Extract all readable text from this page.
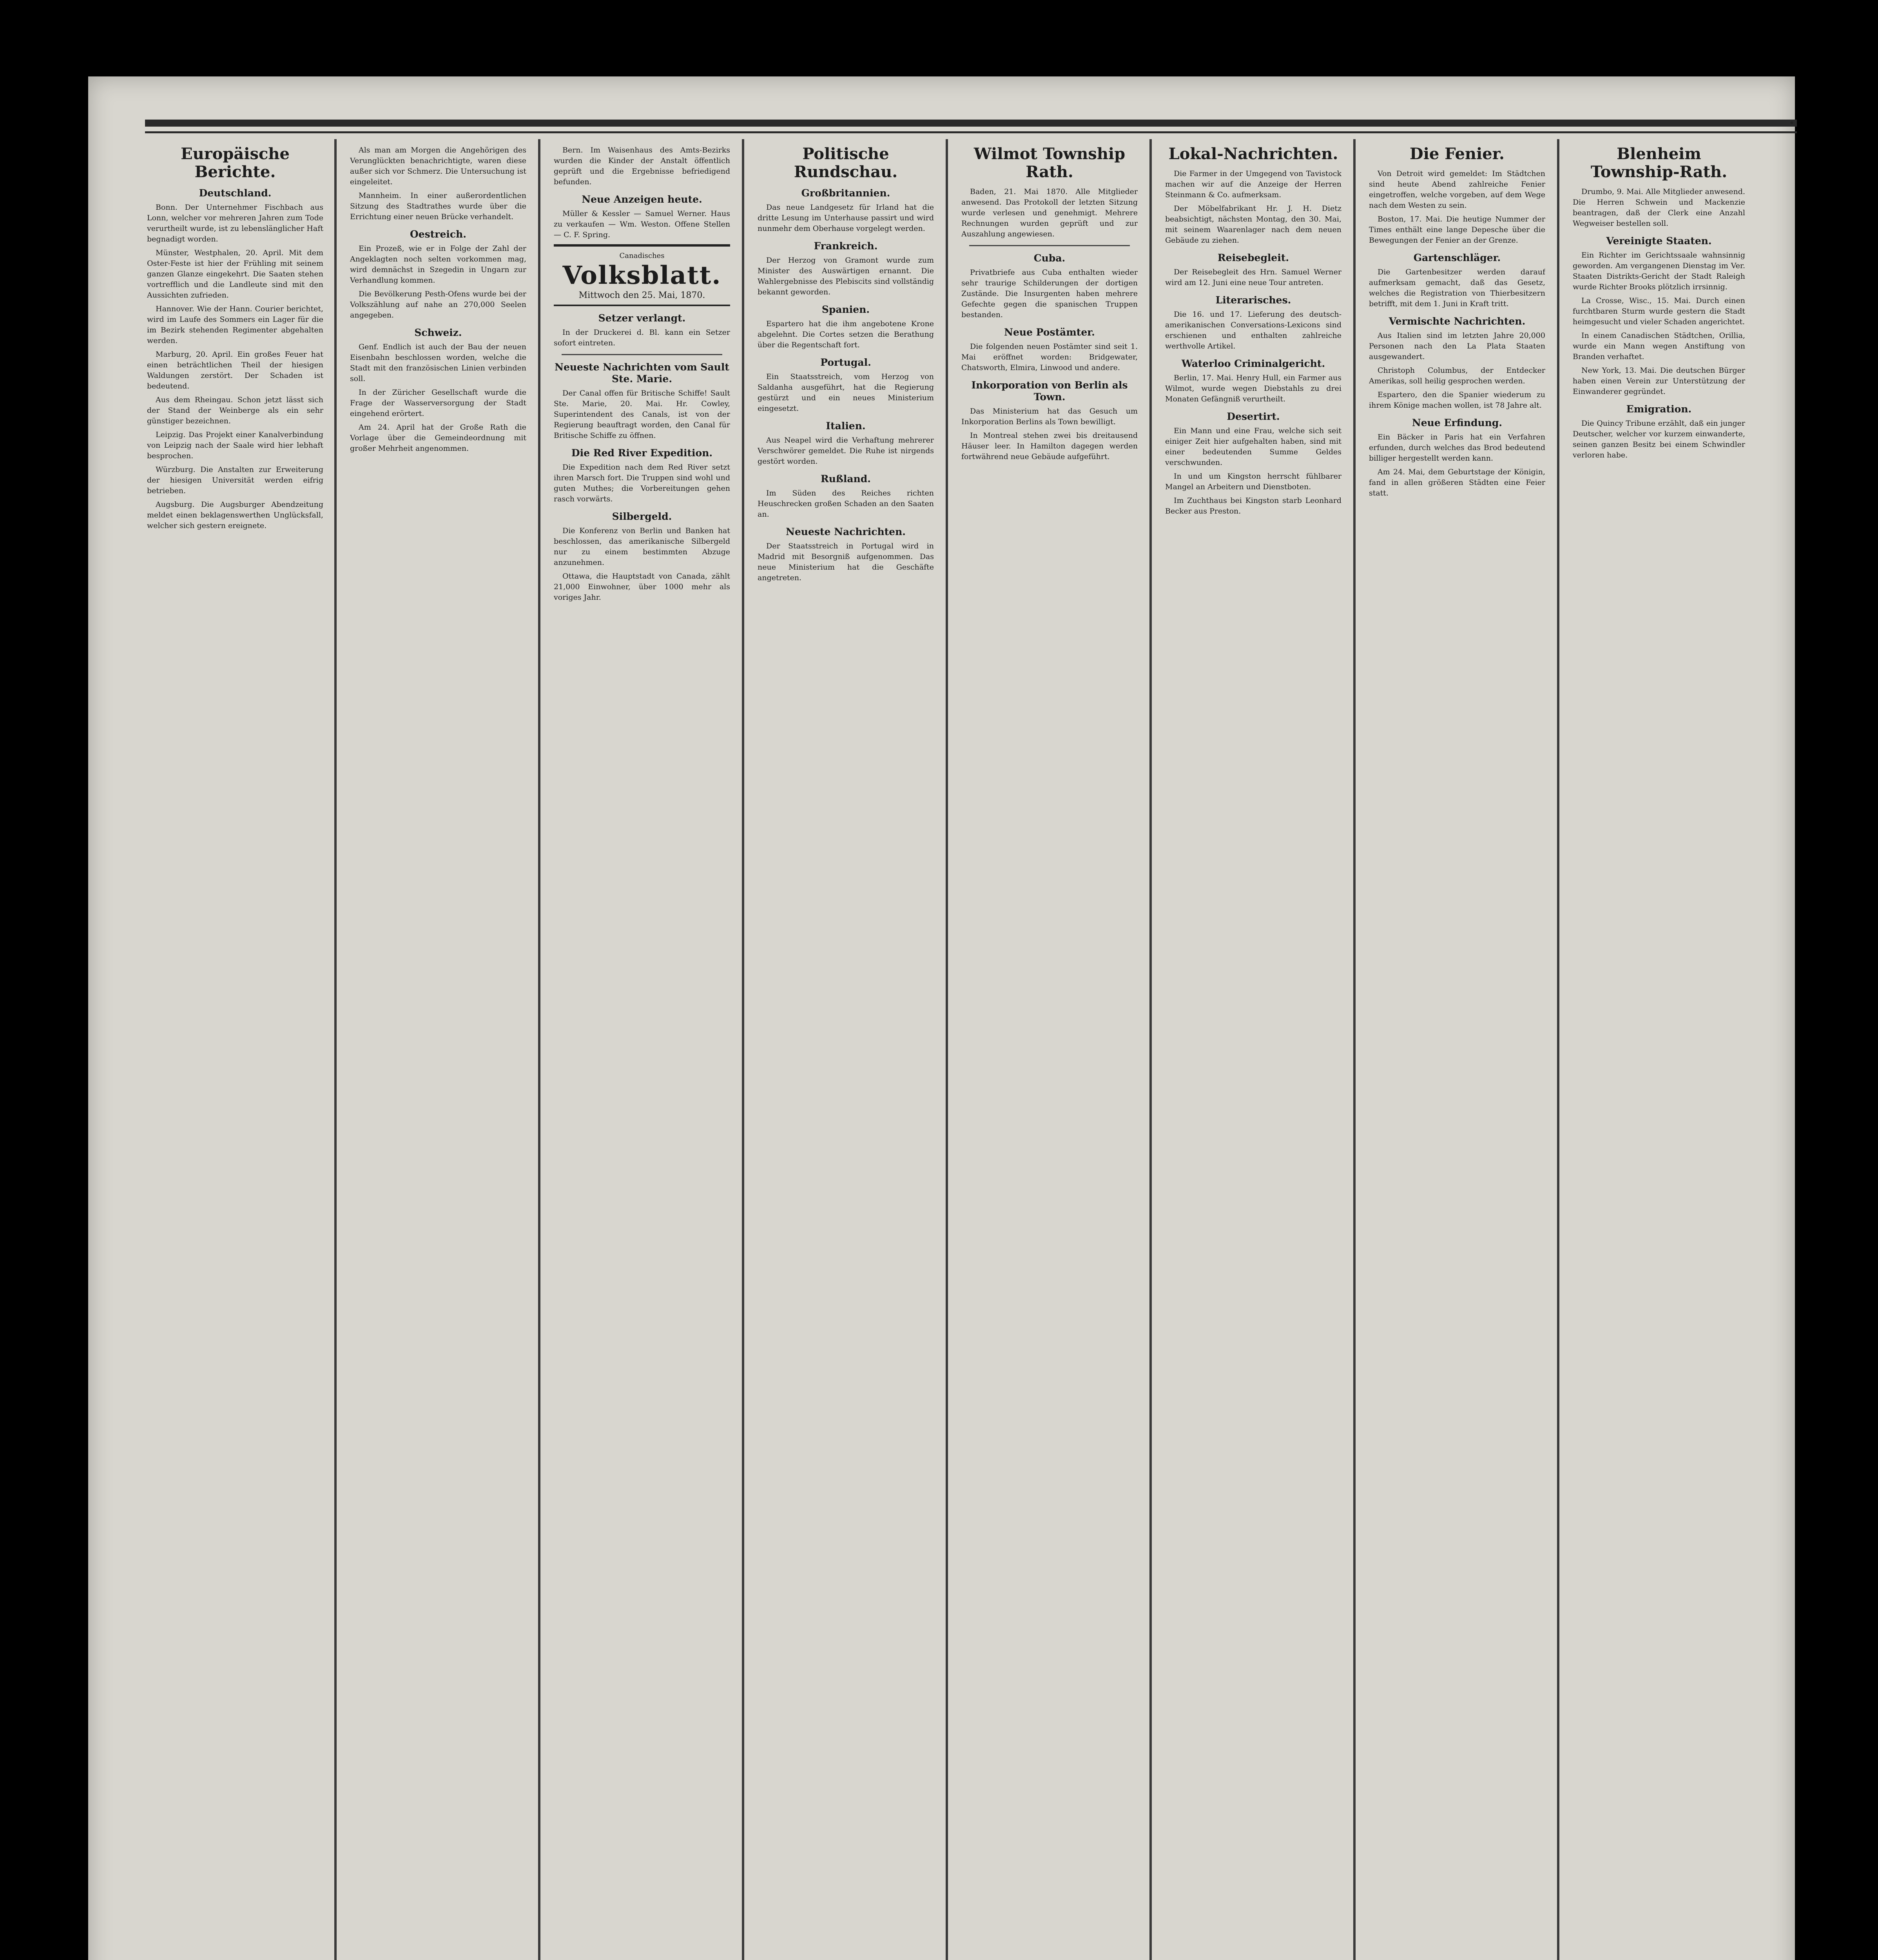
•
Europäische Berichte.
Deutschland.

Bonn. Der Unternehmer Fischbach aus Lonn, welcher vor mehreren Jahren zum Tode verurtheilt wurde, ist zu lebenslänglicher Haft begnadigt worden.

Münster, Westphalen, 20. April. Mit dem Oster-Feste ist hier der Frühling mit seinem ganzen Glanze eingekehrt. Die Saaten stehen vortrefflich und die Landleute sind mit den Aussichten zufrieden.

Hannover. Wie der Hann. Courier berichtet, wird im Laufe des Sommers ein Lager für die im Bezirk stehenden Regimenter abgehalten werden.

Marburg, 20. April. Ein großes Feuer hat einen beträchtlichen Theil der hiesigen Waldungen zerstört. Der Schaden ist bedeutend.

Aus dem Rheingau. Schon jetzt lässt sich der Stand der Weinberge als ein sehr günstiger bezeichnen.

Leipzig. Das Projekt einer Kanalverbindung von Leipzig nach der Saale wird hier lebhaft besprochen.

Würzburg. Die Anstalten zur Erweiterung der hiesigen Universität werden eifrig betrieben.

Augsburg. Die Augsburger Abendzeitung meldet einen beklagenswerthen Unglücksfall, welcher sich gestern ereignete.

Als man am Morgen die Angehörigen des Verunglückten benachrichtigte, waren diese außer sich vor Schmerz. Die Untersuchung ist eingeleitet.

Mannheim. In einer außerordentlichen Sitzung des Stadtrathes wurde über die Errichtung einer neuen Brücke verhandelt.

Oestreich.

Ein Prozeß, wie er in Folge der Zahl der Angeklagten noch selten vorkommen mag, wird demnächst in Szegedin in Ungarn zur Verhandlung kommen.

Die Bevölkerung Pesth-Ofens wurde bei der Volkszählung auf nahe an 270,000 Seelen angegeben.

Schweiz.

Genf. Endlich ist auch der Bau der neuen Eisenbahn beschlossen worden, welche die Stadt mit den französischen Linien verbinden soll.

In der Züricher Gesellschaft wurde die Frage der Wasserversorgung der Stadt eingehend erörtert.

Am 24. April hat der Große Rath die Vorlage über die Gemeindeordnung mit großer Mehrheit angenommen.

Bern. Im Waisenhaus des Amts-Bezirks wurden die Kinder der Anstalt öffentlich geprüft und die Ergebnisse befriedigend befunden.

Neue Anzeigen heute.

Müller & Kessler — Samuel Werner. Haus zu verkaufen — Wm. Weston. Offene Stellen — C. F. Spring.

Canadisches
Volksblatt.
Mittwoch den 25. Mai, 1870.
Setzer verlangt.

In der Druckerei d. Bl. kann ein Setzer sofort eintreten.

Neueste Nachrichten vom Sault Ste. Marie.

Der Canal offen für Britische Schiffe! Sault Ste. Marie, 20. Mai. Hr. Cowley, Superintendent des Canals, ist von der Regierung beauftragt worden, den Canal für Britische Schiffe zu öffnen.

Die Red River Expedition.

Die Expedition nach dem Red River setzt ihren Marsch fort. Die Truppen sind wohl und guten Muthes; die Vorbereitungen gehen rasch vorwärts.

Silbergeld.

Die Konferenz von Berlin und Banken hat beschlossen, das amerikanische Silbergeld nur zu einem bestimmten Abzuge anzunehmen.

Ottawa, die Hauptstadt von Canada, zählt 21,000 Einwohner, über 1000 mehr als voriges Jahr.

Politische Rundschau.
Großbritannien.

Das neue Landgesetz für Irland hat die dritte Lesung im Unterhause passirt und wird nunmehr dem Oberhause vorgelegt werden.

Frankreich.

Der Herzog von Gramont wurde zum Minister des Auswärtigen ernannt. Die Wahlergebnisse des Plebiscits sind vollständig bekannt geworden.

Spanien.

Espartero hat die ihm angebotene Krone abgelehnt. Die Cortes setzen die Berathung über die Regentschaft fort.

Portugal.

Ein Staatsstreich, vom Herzog von Saldanha ausgeführt, hat die Regierung gestürzt und ein neues Ministerium eingesetzt.

Italien.

Aus Neapel wird die Verhaftung mehrerer Verschwörer gemeldet. Die Ruhe ist nirgends gestört worden.

Rußland.

Im Süden des Reiches richten Heuschrecken großen Schaden an den Saaten an.

Neueste Nachrichten.

Der Staatsstreich in Portugal wird in Madrid mit Besorgniß aufgenommen. Das neue Ministerium hat die Geschäfte angetreten.

Wilmot Township Rath.

Baden, 21. Mai 1870. Alle Mitglieder anwesend. Das Protokoll der letzten Sitzung wurde verlesen und genehmigt. Mehrere Rechnungen wurden geprüft und zur Auszahlung angewiesen.

Cuba.

Privatbriefe aus Cuba enthalten wieder sehr traurige Schilderungen der dortigen Zustände. Die Insurgenten haben mehrere Gefechte gegen die spanischen Truppen bestanden.

Neue Postämter.

Die folgenden neuen Postämter sind seit 1. Mai eröffnet worden: Bridgewater, Chatsworth, Elmira, Linwood und andere.

Inkorporation von Berlin als Town.

Das Ministerium hat das Gesuch um Inkorporation Berlins als Town bewilligt.

In Montreal stehen zwei bis dreitausend Häuser leer. In Hamilton dagegen werden fortwährend neue Gebäude aufgeführt.

Lokal-Nachrichten.

Die Farmer in der Umgegend von Tavistock machen wir auf die Anzeige der Herren Steinmann & Co. aufmerksam.

Der Möbelfabrikant Hr. J. H. Dietz beabsichtigt, nächsten Montag, den 30. Mai, mit seinem Waarenlager nach dem neuen Gebäude zu ziehen.

Reisebegleit.

Der Reisebegleit des Hrn. Samuel Werner wird am 12. Juni eine neue Tour antreten.

Literarisches.

Die 16. und 17. Lieferung des deutsch-amerikanischen Conversations-Lexicons sind erschienen und enthalten zahlreiche werthvolle Artikel.

Waterloo Criminalgericht.

Berlin, 17. Mai. Henry Hull, ein Farmer aus Wilmot, wurde wegen Diebstahls zu drei Monaten Gefängniß verurtheilt.

Desertirt.

Ein Mann und eine Frau, welche sich seit einiger Zeit hier aufgehalten haben, sind mit einer bedeutenden Summe Geldes verschwunden.

In und um Kingston herrscht fühlbarer Mangel an Arbeitern und Dienstboten.

Im Zuchthaus bei Kingston starb Leonhard Becker aus Preston.

Die Fenier.

Von Detroit wird gemeldet: Im Städtchen sind heute Abend zahlreiche Fenier eingetroffen, welche vorgeben, auf dem Wege nach dem Westen zu sein.

Boston, 17. Mai. Die heutige Nummer der Times enthält eine lange Depesche über die Bewegungen der Fenier an der Grenze.

Gartenschläger.

Die Gartenbesitzer werden darauf aufmerksam gemacht, daß das Gesetz, welches die Registration von Thierbesitzern betrifft, mit dem 1. Juni in Kraft tritt.

Vermischte Nachrichten.

Aus Italien sind im letzten Jahre 20,000 Personen nach den La Plata Staaten ausgewandert.

Christoph Columbus, der Entdecker Amerikas, soll heilig gesprochen werden.

Espartero, den die Spanier wiederum zu ihrem Könige machen wollen, ist 78 Jahre alt.

Neue Erfindung.

Ein Bäcker in Paris hat ein Verfahren erfunden, durch welches das Brod bedeutend billiger hergestellt werden kann.

Am 24. Mai, dem Geburtstage der Königin, fand in allen größeren Städten eine Feier statt.

Blenheim Township-Rath.

Drumbo, 9. Mai. Alle Mitglieder anwesend. Die Herren Schwein und Mackenzie beantragen, daß der Clerk eine Anzahl Wegweiser bestellen soll.

Vereinigte Staaten.

Ein Richter im Gerichtssaale wahnsinnig geworden. Am vergangenen Dienstag im Ver. Staaten Distrikts-Gericht der Stadt Raleigh wurde Richter Brooks plötzlich irrsinnig.

La Crosse, Wisc., 15. Mai. Durch einen furchtbaren Sturm wurde gestern die Stadt heimgesucht und vieler Schaden angerichtet.

In einem Canadischen Städtchen, Orillia, wurde ein Mann wegen Anstiftung von Branden verhaftet.

New York, 13. Mai. Die deutschen Bürger haben einen Verein zur Unterstützung der Einwanderer gegründet.

Emigration.

Die Quincy Tribune erzählt, daß ein junger Deutscher, welcher vor kurzem einwanderte, seinen ganzen Besitz bei einem Schwindler verloren habe.
